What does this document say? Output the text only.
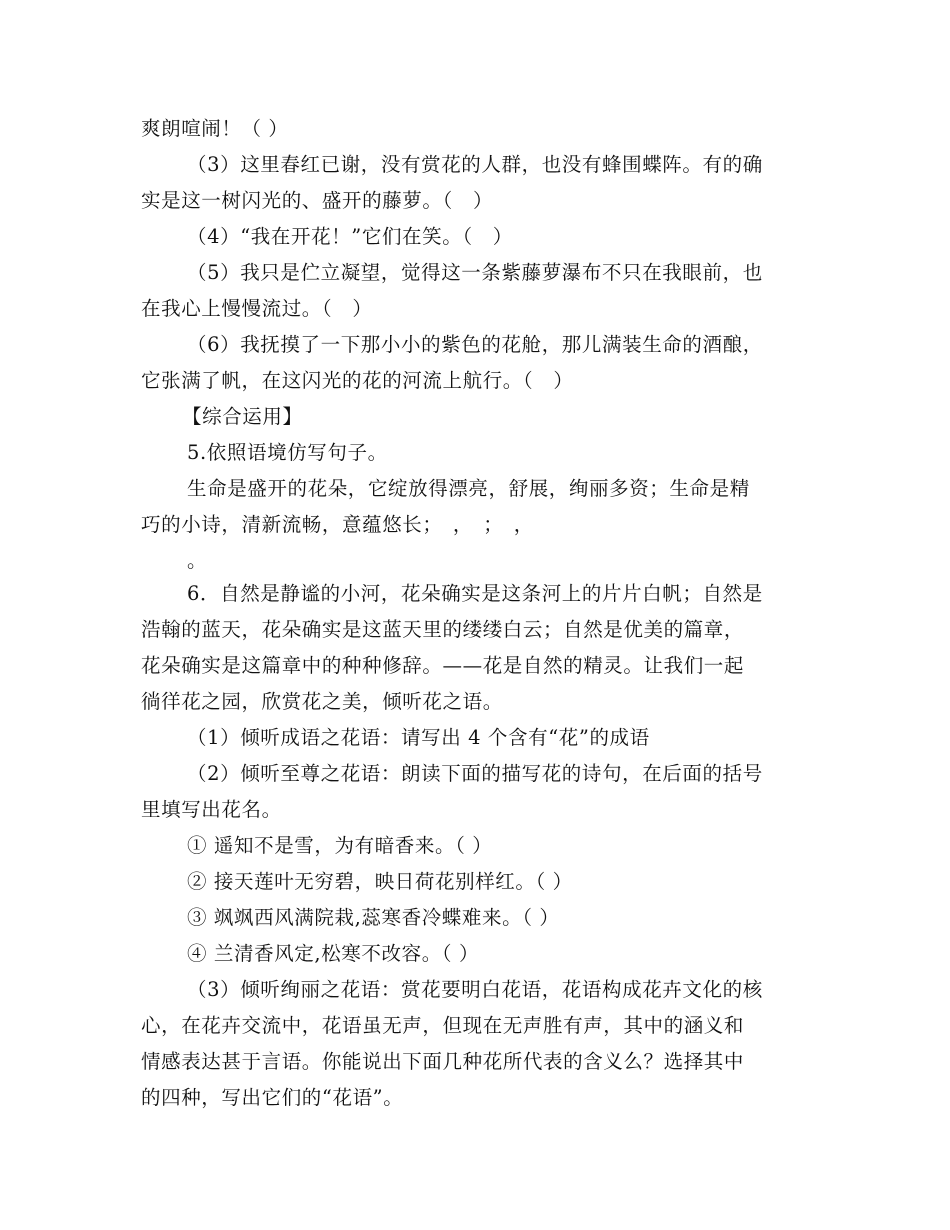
爽朗喧闹！（ ）
（3）这里春红已谢，没有赏花的人群，也没有蜂围蝶阵。有的确
实是这一树闪光的、盛开的藤萝。（　）
（4）“我在开花！”它们在笑。（　）
（5）我只是伫立凝望，觉得这一条紫藤萝瀑布不只在我眼前，也
在我心上慢慢流过。（　）
（6）我抚摸了一下那小小的紫色的花舱，那儿满装生命的酒酿，
它张满了帆，在这闪光的花的河流上航行。（　）
【综合运用】
5.依照语境仿写句子。
生命是盛开的花朵，它绽放得漂亮，舒展，绚丽多资；生命是精
巧的小诗，清新流畅，意蕴悠长；　，　；　，
。
6．自然是静谧的小河，花朵确实是这条河上的片片白帆；自然是
浩翰的蓝天，花朵确实是这蓝天里的缕缕白云；自然是优美的篇章，
花朵确实是这篇章中的种种修辞。——花是自然的精灵。让我们一起
徜徉花之园，欣赏花之美，倾听花之语。
（1）倾听成语之花语：请写出 4 个含有“花”的成语
（2）倾听至尊之花语：朗读下面的描写花的诗句，在后面的括号
里填写出花名。
① 遥知不是雪，为有暗香来。（ ）
② 接天莲叶无穷碧，映日荷花别样红。（ ）
③ 飒飒西风满院栽,蕊寒香冷蝶难来。（ ）
④ 兰清香风定,松寒不改容。（ ）
（3）倾听绚丽之花语：赏花要明白花语，花语构成花卉文化的核
心，在花卉交流中，花语虽无声，但现在无声胜有声，其中的涵义和
情感表达甚于言语。你能说出下面几种花所代表的含义么？选择其中
的四种，写出它们的“花语”。
